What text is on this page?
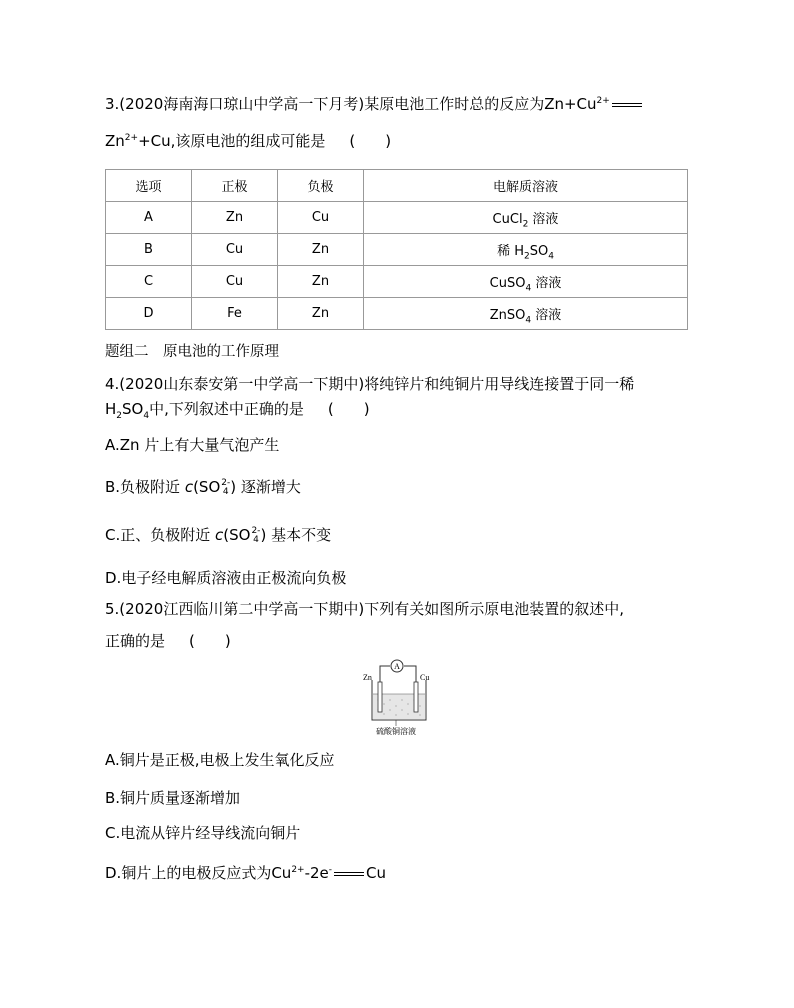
3.(2020海南海口琼山中学高一下月考)某原电池工作时总的反应为$Zn+Cu^{2+}$
$Zn^{2+}+Cu$,该原电池的组成可能是 (　　)
选项	正极	负极	电解质溶液
A	Zn	Cu	CuCl$_2$ 溶液
B	Cu	Zn	稀 $H_2SO_4$
C	Cu	Zn	CuSO$_4$ 溶液
D	Fe	Zn	ZnSO$_4$ 溶液
题组二　原电池的工作原理
4.(2020山东泰安第一中学高一下期中)将纯锌片和纯铜片用导线连接置于同一稀
$H_2SO_4$中,下列叙述中正确的是 (　　)
A.Zn 片上有大量气泡产生
B.负极附近 c(SO2-
4 ) 逐渐增大
C.正、负极附近 c(SO2-
4 ) 基本不变
D.电子经电解质溶液由正极流向负极
5.(2020江西临川第二中学高一下期中)下列有关如图所示原电池装置的叙述中,
正确的是 (　　)
A
Zn	Cu
硫酸铜溶液
A.铜片是正极,电极上发生氧化反应
B.铜片质量逐渐增加
C.电流从锌片经导线流向铜片
D.铜片上的电极反应式为$Cu^{2+}-2e^-$ Cu
